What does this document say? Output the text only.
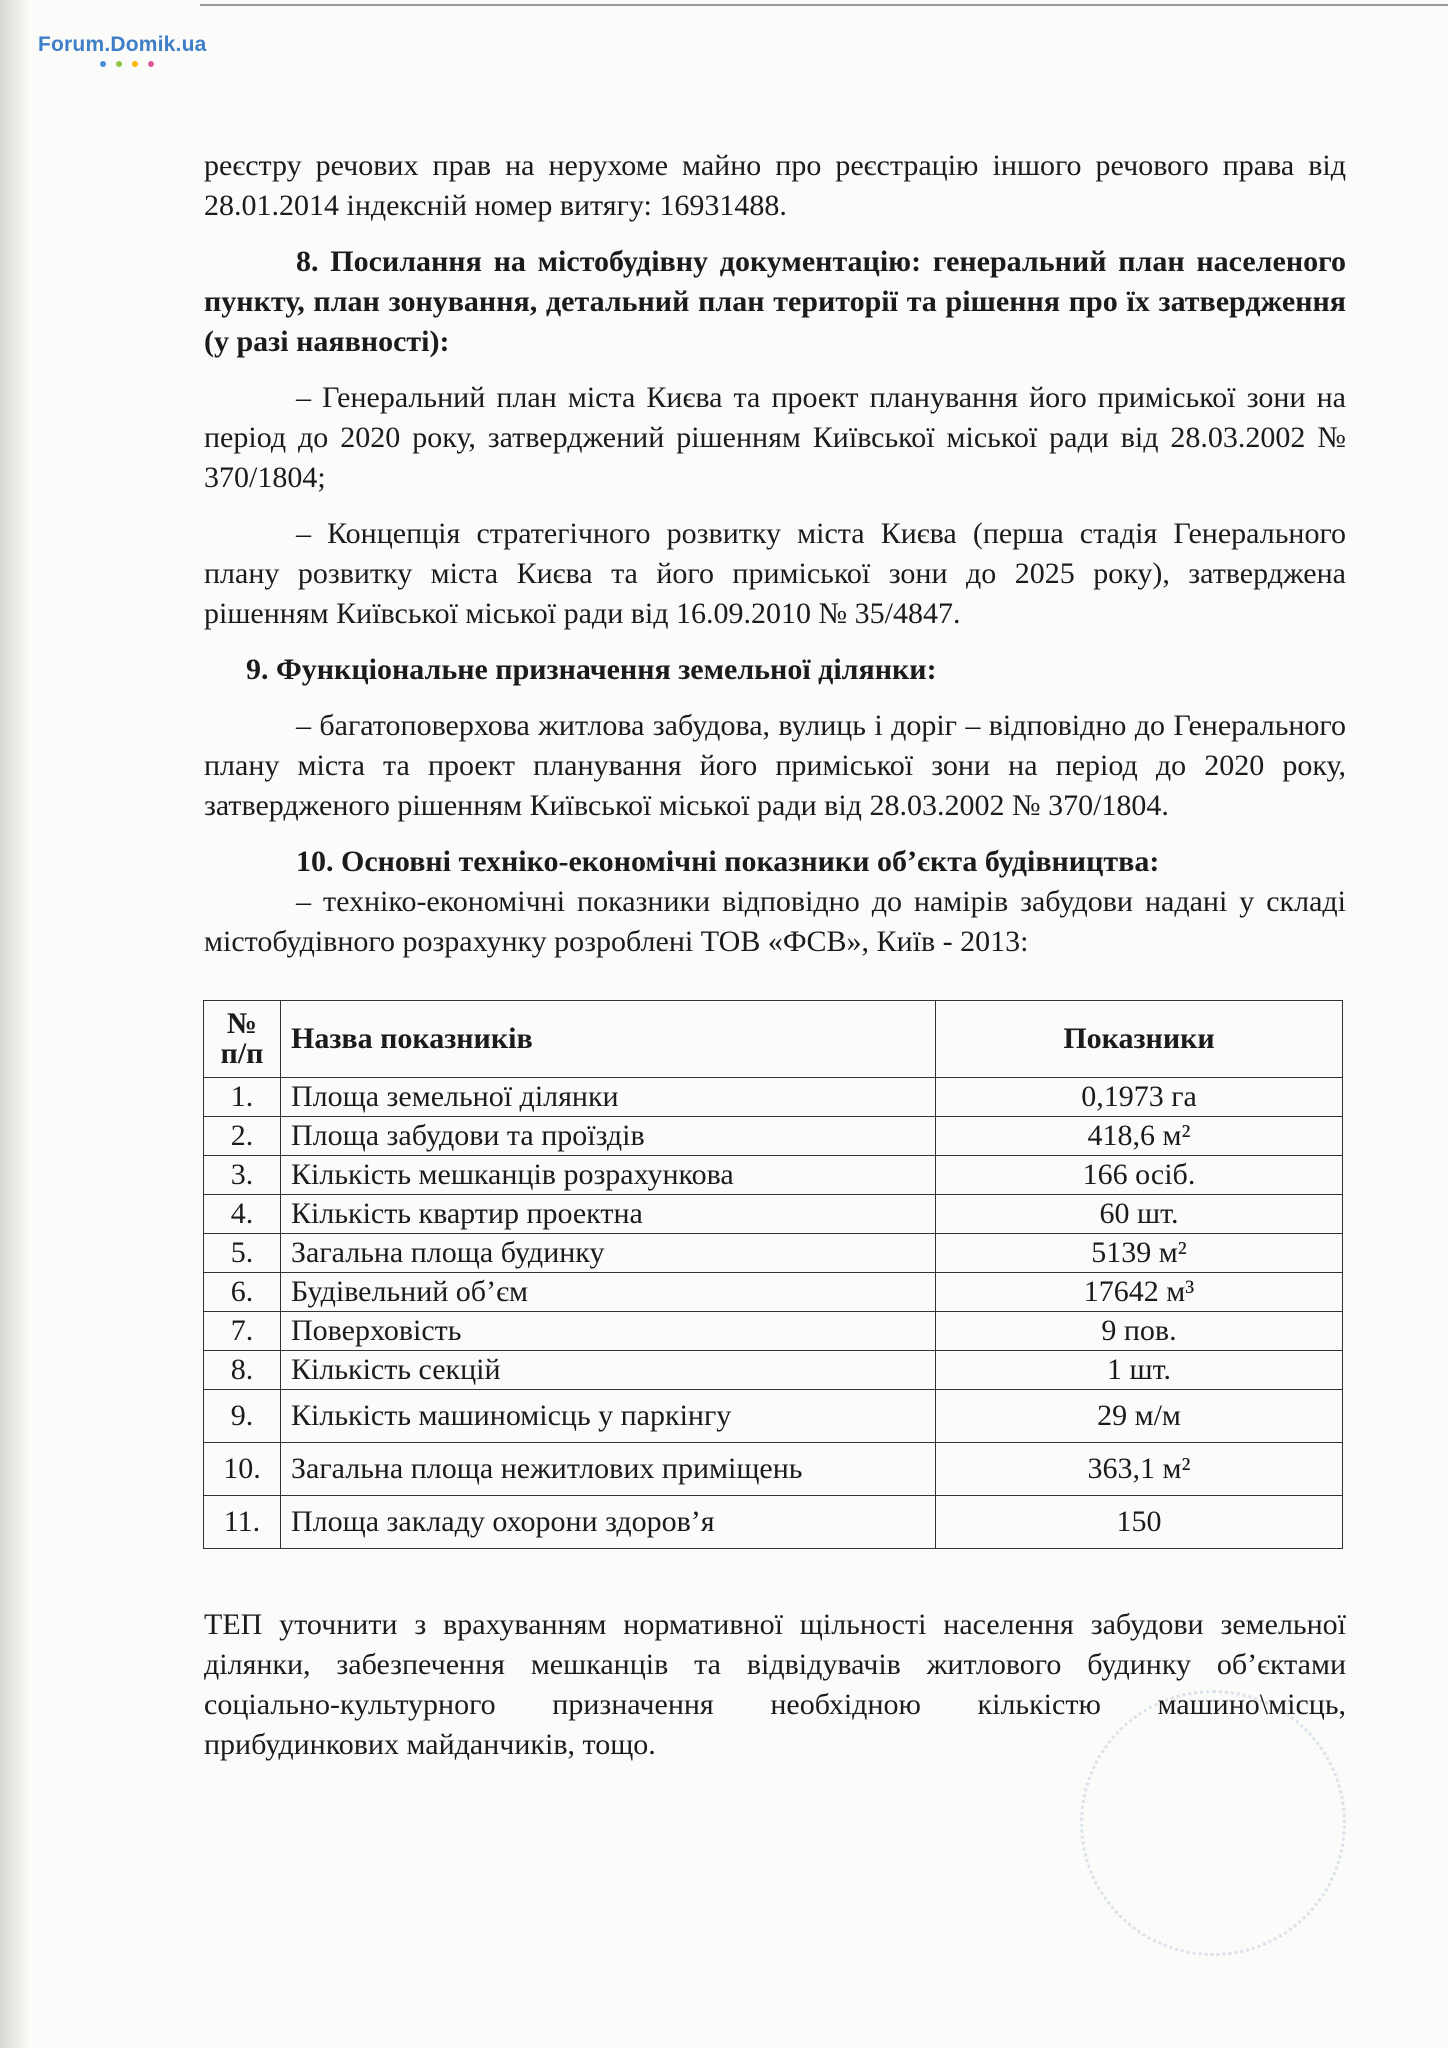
Forum.Domik.ua

реєстру речових прав на нерухоме майно про реєстрацію іншого речового права від 28.01.2014 індексній номер витягу: 16931488.

8. Посилання на містобудівну документацію: генеральний план населеного пункту, план зонування, детальний план території та рішення про їх затвердження (у разі наявності):

– Генеральний план міста Києва та проект планування його приміської зони на період до 2020 року, затверджений рішенням Київської міської ради від 28.03.2002 № 370/1804;

– Концепція стратегічного розвитку міста Києва (перша стадія Генерального плану розвитку міста Києва та його приміської зони до 2025 року), затверджена рішенням Київської міської ради від 16.09.2010 № 35/4847.

9. Функціональне призначення земельної ділянки:

– багатоповерхова житлова забудова, вулиць і доріг – відповідно до Генерального плану міста та проект планування його приміської зони на період до 2020 року, затвердженого рішенням Київської міської ради від 28.03.2002 № 370/1804.

10. Основні техніко-економічні показники об’єкта будівництва:

– техніко-економічні показники відповідно до намірів забудови надані у складі містобудівного розрахунку розроблені ТОВ «ФСВ», Київ - 2013:

№
п/п	Назва показників	Показники
1.	Площа земельної ділянки	0,1973 га
2.	Площа забудови та проїздів	418,6 м²
3.	Кількість мешканців розрахункова	166 осіб.
4.	Кількість квартир проектна	60 шт.
5.	Загальна площа будинку	5139 м²
6.	Будівельний об’єм	17642 м³
7.	Поверховість	9 пов.
8.	Кількість секцій	1 шт.
9.	Кількість машиномісць у паркінгу	29 м/м
10.	Загальна площа нежитлових приміщень	363,1 м²
11.	Площа закладу охорони здоров’я	150

ТЕП уточнити з врахуванням нормативної щільності населення забудови земельної ділянки, забезпечення мешканців та відвідувачів житлового будинку об’єктами соціально-культурного призначення необхідною кількістю машино\місць, прибудинкових майданчиків, тощо.
